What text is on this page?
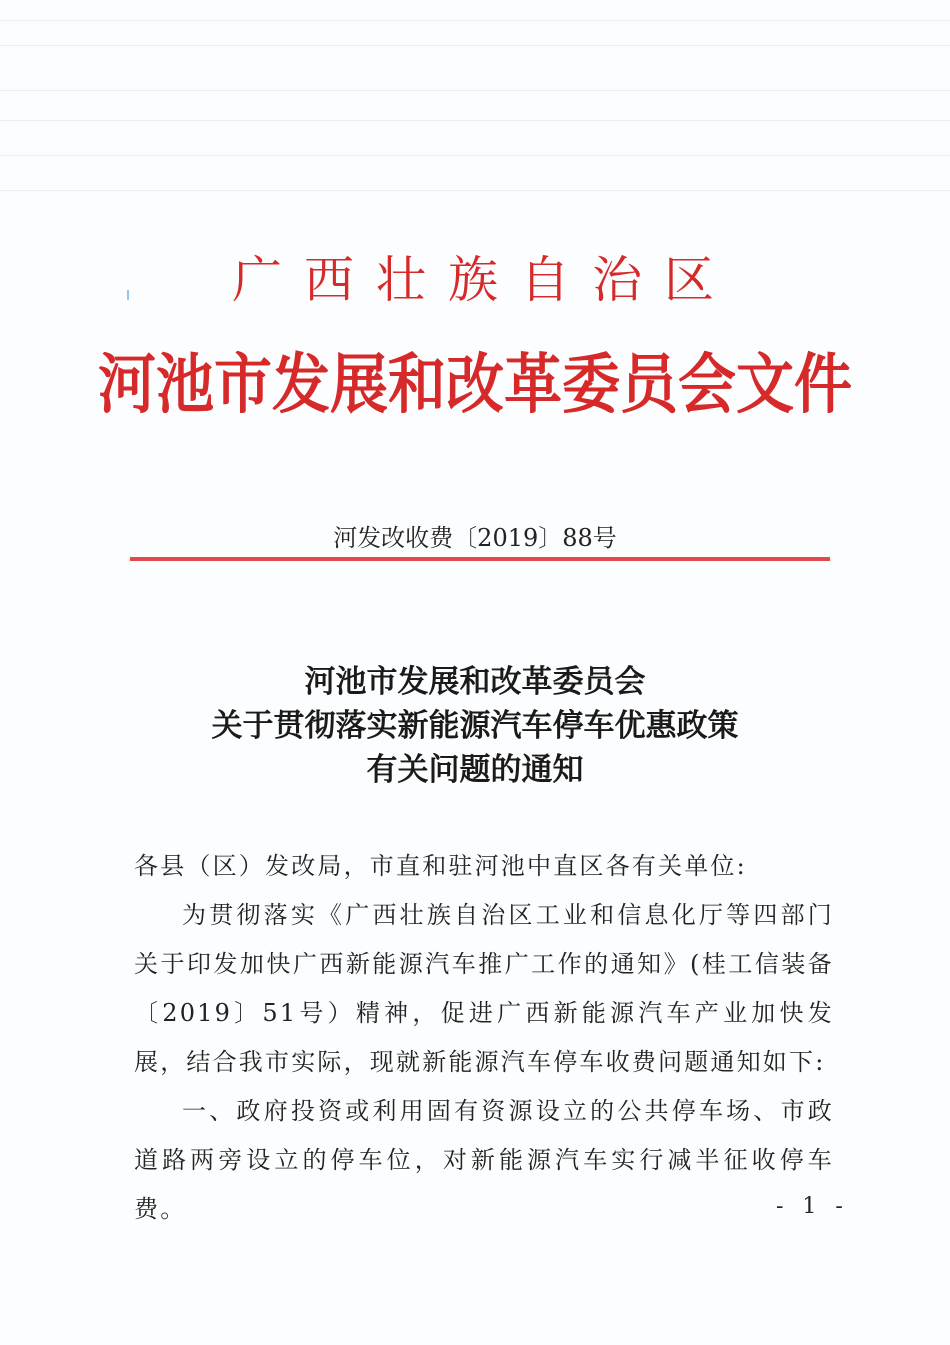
广西壮族自治区
河池市发展和改革委员会文件
河发改收费〔2019〕88号
河池市发展和改革委员会
关于贯彻落实新能源汽车停车优惠政策
有关问题的通知

各县（区）发改局，市直和驻河池中直区各有关单位:

为贯彻落实《广西壮族自治区工业和信息化厅等四部门关于印发加快广西新能源汽车推广工作的通知》(桂工信装备〔2019〕51号）精神，促进广西新能源汽车产业加快发展，结合我市实际，现就新能源汽车停车收费问题通知如下:

一、政府投资或利用固有资源设立的公共停车场、市政道路两旁设立的停车位，对新能源汽车实行减半征收停车费。	- 1 -
